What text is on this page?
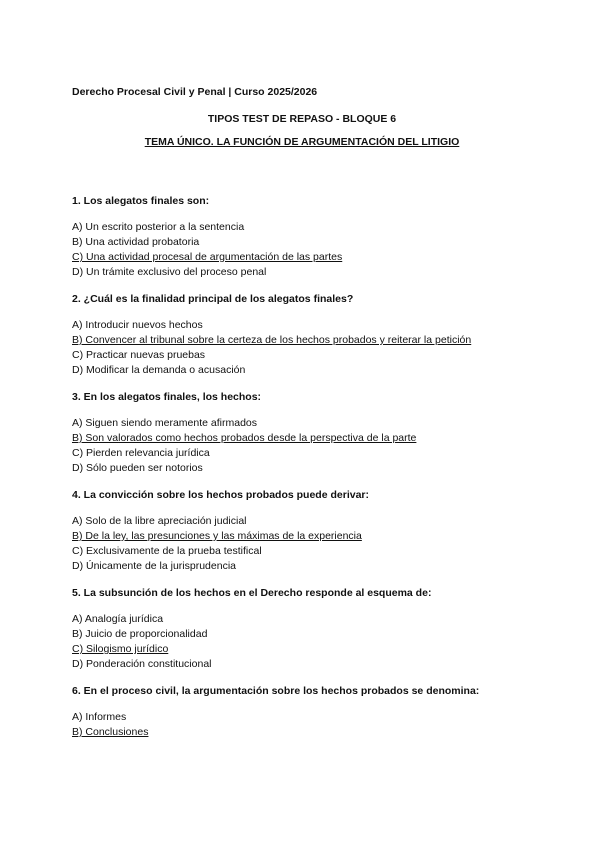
Derecho Procesal Civil y Penal | Curso 2025/2026
TIPOS TEST DE REPASO - BLOQUE 6
TEMA ÚNICO. LA FUNCIÓN DE ARGUMENTACIÓN DEL LITIGIO
1. Los alegatos finales son:
A) Un escrito posterior a la sentencia
B) Una actividad probatoria
C) Una actividad procesal de argumentación de las partes
D) Un trámite exclusivo del proceso penal
2. ¿Cuál es la finalidad principal de los alegatos finales?
A) Introducir nuevos hechos
B) Convencer al tribunal sobre la certeza de los hechos probados y reiterar la petición
C) Practicar nuevas pruebas
D) Modificar la demanda o acusación
3. En los alegatos finales, los hechos:
A) Siguen siendo meramente afirmados
B) Son valorados como hechos probados desde la perspectiva de la parte
C) Pierden relevancia jurídica
D) Sólo pueden ser notorios
4. La convicción sobre los hechos probados puede derivar:
A) Solo de la libre apreciación judicial
B) De la ley, las presunciones y las máximas de la experiencia
C) Exclusivamente de la prueba testifical
D) Únicamente de la jurisprudencia
5. La subsunción de los hechos en el Derecho responde al esquema de:
A) Analogía jurídica
B) Juicio de proporcionalidad
C) Silogismo jurídico
D) Ponderación constitucional
6. En el proceso civil, la argumentación sobre los hechos probados se denomina:
A) Informes
B) Conclusiones
